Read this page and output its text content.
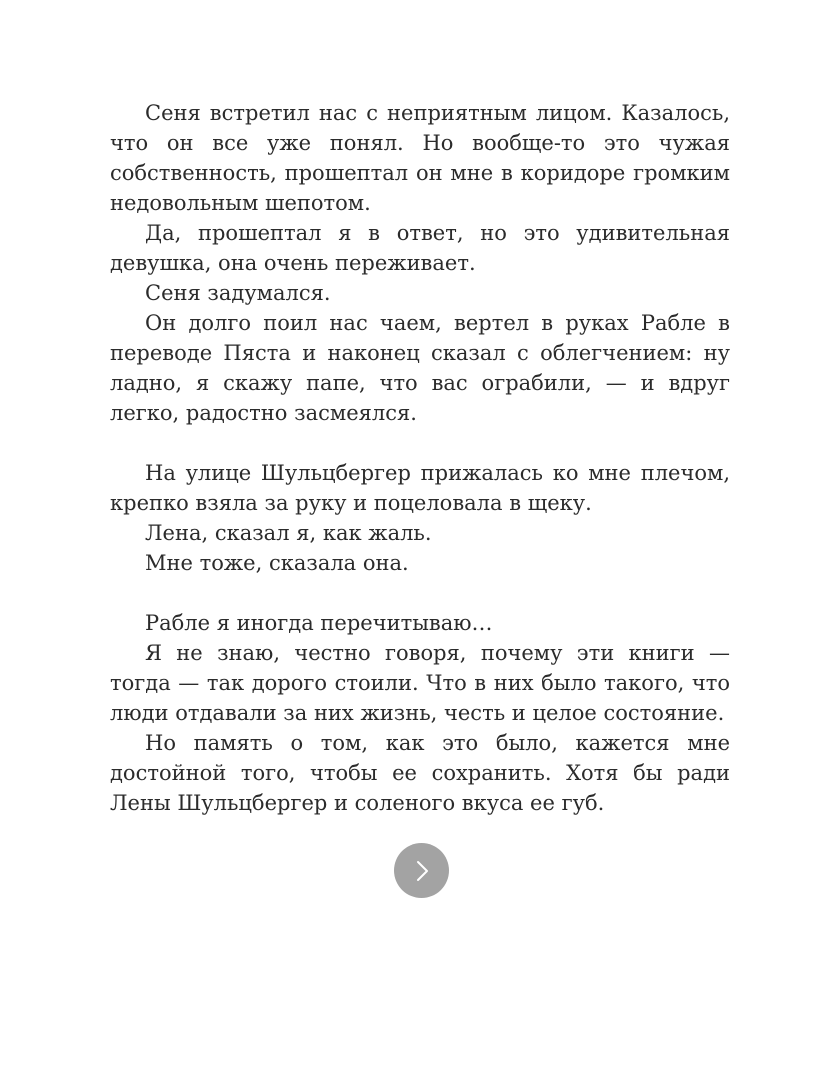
Сеня встретил нас с неприятным лицом. Казалось, что он все уже понял. Но вообще-то это чужая собственность, прошептал он мне в коридоре громким недовольным шепотом.

Да, прошептал я в ответ, но это удивительная девушка, она очень переживает.

Сеня задумался.

Он долго поил нас чаем, вертел в руках Рабле в переводе Пяста и наконец сказал с облегчением: ну ладно, я скажу папе, что вас ограбили, — и вдруг легко, радостно засмеялся.

На улице Шульцбергер прижалась ко мне плечом, крепко взяла за руку и поцеловала в щеку.

Лена, сказал я, как жаль.

Мне тоже, сказала она.

Рабле я иногда перечитываю…

Я не знаю, честно говоря, почему эти книги — тогда — так дорого стоили. Что в них было такого, что люди отдавали за них жизнь, честь и целое состояние.

Но память о том, как это было, кажется мне достойной того, чтобы ее сохранить. Хотя бы ради Лены Шульцбергер и соленого вкуса ее губ.
